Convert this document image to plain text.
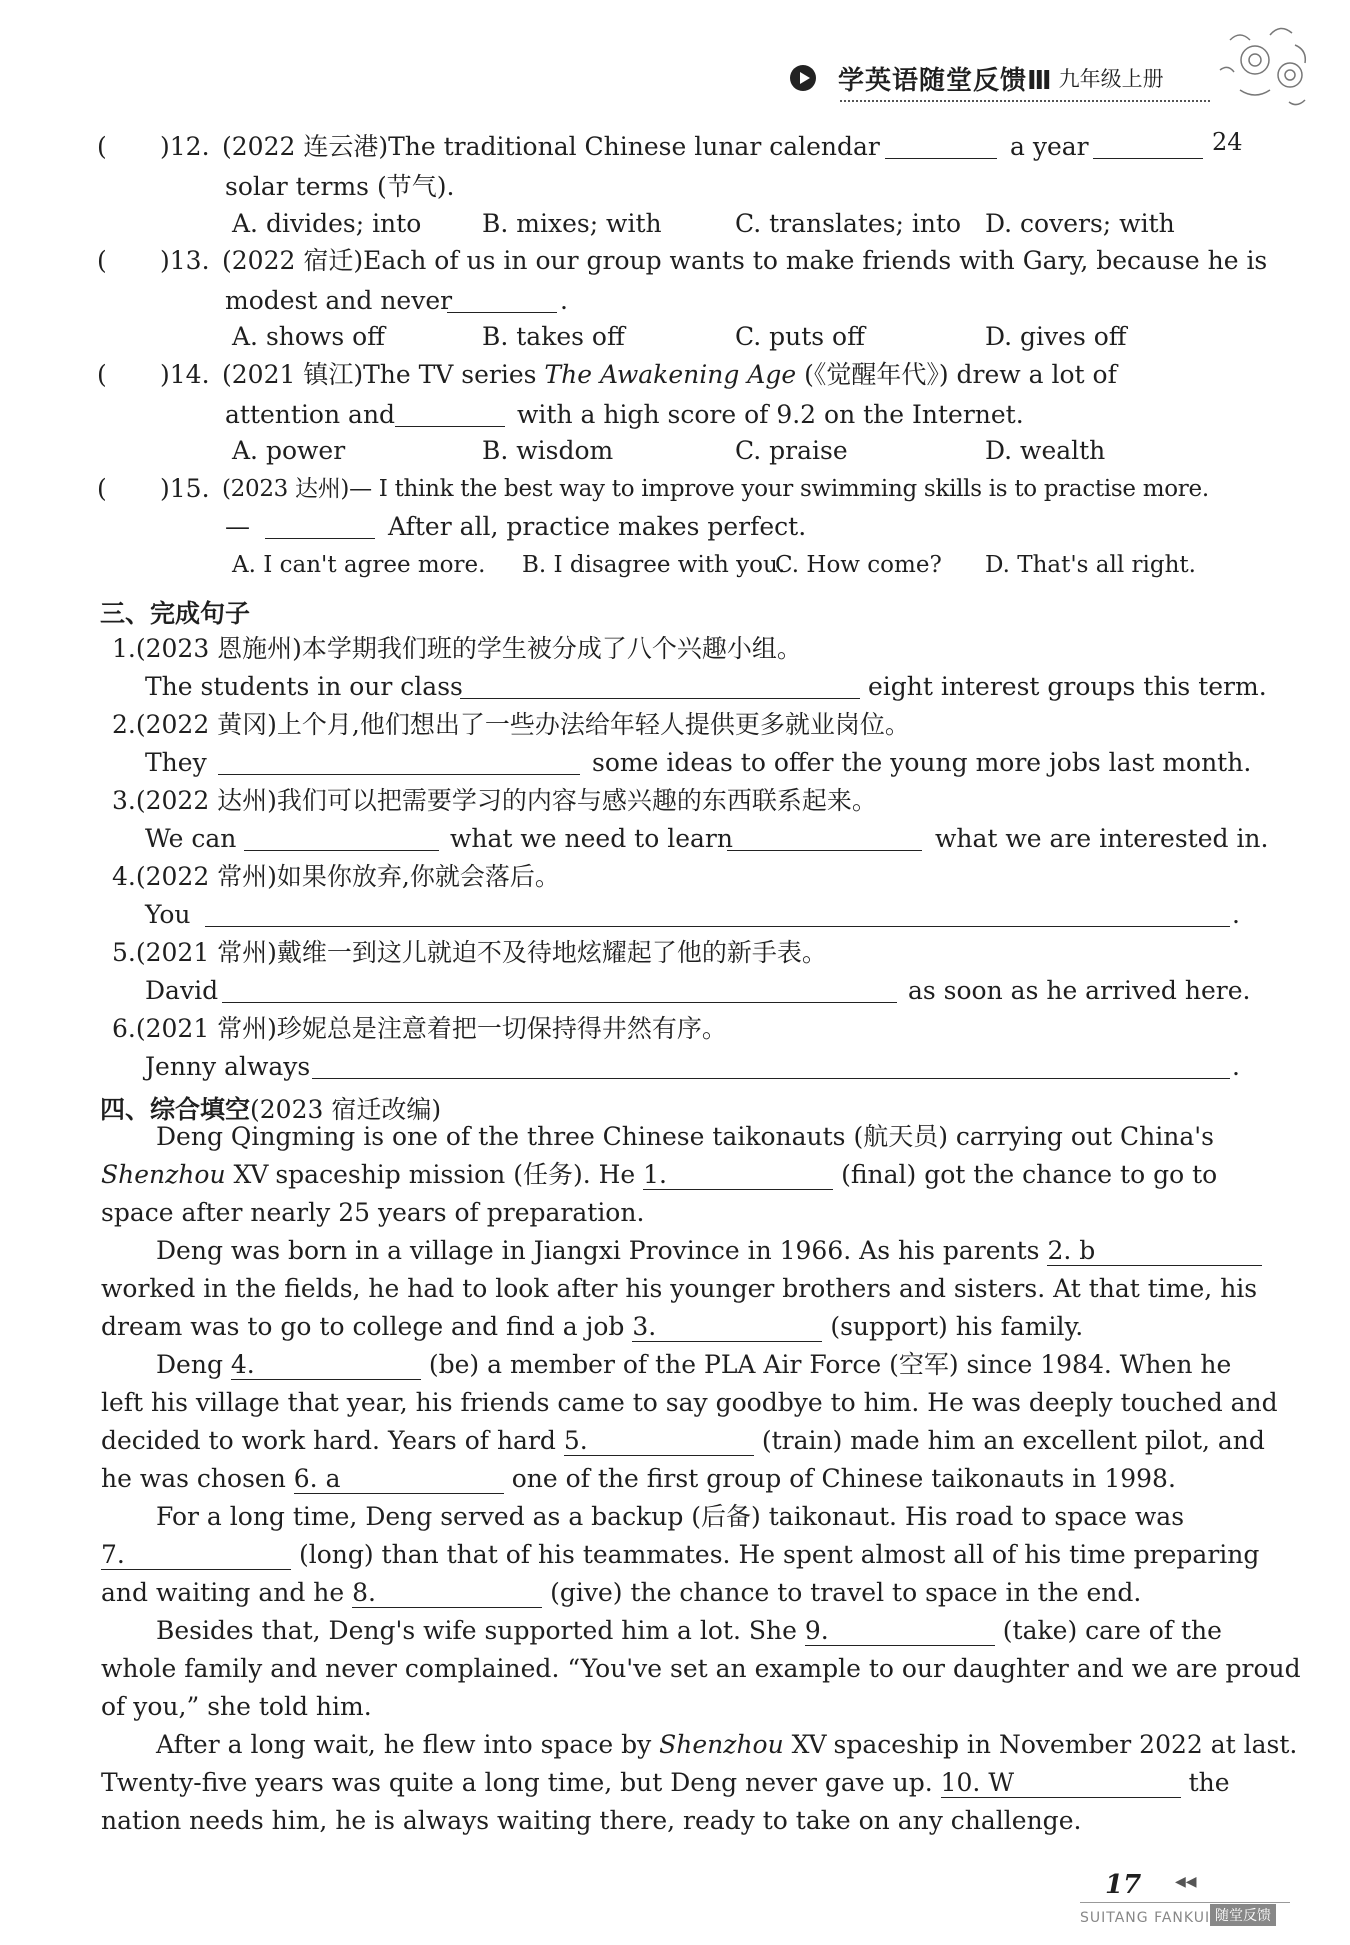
学英语随堂反馈Ⅲ 九年级上册
24
( )12. (2022 连云港)The traditional Chinese lunar calendar	a year
solar terms (节气).
A. divides; into B. mixes; with	C. translates; into D. covers; with
( )13. (2022 宿迁)Each of us in our group wants to make friends with Gary, because he is
modest and never	.
A. shows off	B. takes off	C. puts off	D. gives off
( )14. (2021 镇江)The TV series The Awakening Age (《觉醒年代》) drew a lot of
attention and	with a high score of 9.2 on the Internet.
A. power	B. wisdom	C. praise	D. wealth
( )15. (2023 达州)— I think the best way to improve your swimming skills is to practise more.
—	After all, practice makes perfect.
A. I can't agree more. B. I disagree with you.
C. How come? D. That's all right.
三、完成句子
1.(2023 恩施州)本学期我们班的学生被分成了八个兴趣小组。
The students in our class	eight interest groups this term.
2.(2022 黄冈)上个月,他们想出了一些办法给年轻人提供更多就业岗位。
They	some ideas to offer the young more jobs last month.
3.(2022 达州)我们可以把需要学习的内容与感兴趣的东西联系起来。
We can	what we need to learn	what we are interested in.
4.(2022 常州)如果你放弃,你就会落后。
You	.
5.(2021 常州)戴维一到这儿就迫不及待地炫耀起了他的新手表。
David	as soon as he arrived here.
6.(2021 常州)珍妮总是注意着把一切保持得井然有序。
Jenny always	.
四、综合填空(2023 宿迁改编)
Deng Qingming is one of the three Chinese taikonauts (航天员) carrying out China's
Shenzhou XV spaceship mission (任务). He 1.	(final) got the chance to go to
space after nearly 25 years of preparation.
Deng was born in a village in Jiangxi Province in 1966. As his parents 2. b
worked in the fields, he had to look after his younger brothers and sisters. At that time, his
dream was to go to college and find a job 3.	(support) his family.
Deng 4.	(be) a member of the PLA Air Force (空军) since 1984. When he
left his village that year, his friends came to say goodbye to him. He was deeply touched and
decided to work hard. Years of hard 5.	(train) made him an excellent pilot, and
he was chosen 6. a	one of the first group of Chinese taikonauts in 1998.
For a long time, Deng served as a backup (后备) taikonaut. His road to space was
7.	(long) than that of his teammates. He spent almost all of his time preparing
and waiting and he 8.	(give) the chance to travel to space in the end.
Besides that, Deng's wife supported him a lot. She 9.	(take) care of the
whole family and never complained. “You've set an example to our daughter and we are proud
of you,” she told him.
After a long wait, he flew into space by Shenzhou XV spaceship in November 2022 at last.
Twenty-five years was quite a long time, but Deng never gave up. 10. W	the
nation needs him, he is always waiting there, ready to take on any challenge.
17 ◀◀
SUITANG FANKUI 随堂反馈
